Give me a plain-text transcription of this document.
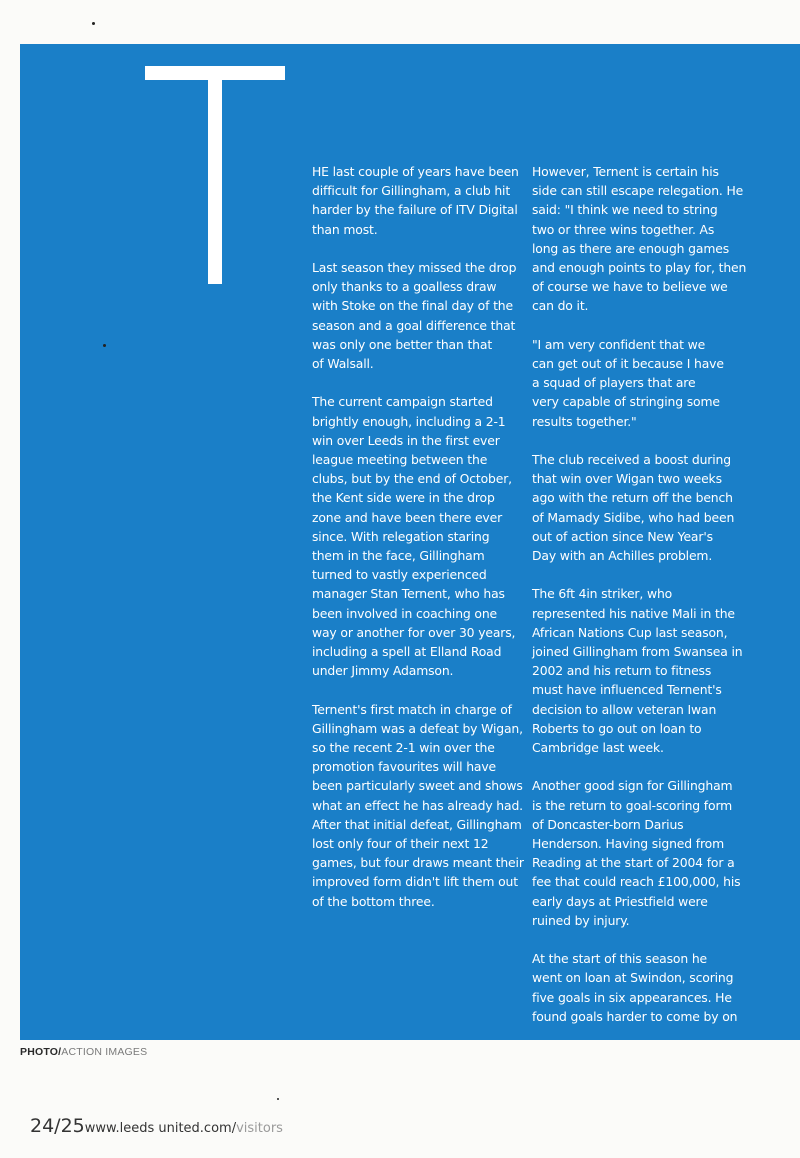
HE last couple of years have been
difficult for Gillingham, a club hit
harder by the failure of ITV Digital
than most.

Last season they missed the drop
only thanks to a goalless draw
with Stoke on the final day of the
season and a goal difference that
was only one better than that
of Walsall.

The current campaign started
brightly enough, including a 2-1
win over Leeds in the first ever
league meeting between the
clubs, but by the end of October,
the Kent side were in the drop
zone and have been there ever
since. With relegation staring
them in the face, Gillingham
turned to vastly experienced
manager Stan Ternent, who has
been involved in coaching one
way or another for over 30 years,
including a spell at Elland Road
under Jimmy Adamson.

Ternent's first match in charge of
Gillingham was a defeat by Wigan,
so the recent 2-1 win over the
promotion favourites will have
been particularly sweet and shows
what an effect he has already had.
After that initial defeat, Gillingham
lost only four of their next 12
games, but four draws meant their
improved form didn't lift them out
of the bottom three.

However, Ternent is certain his
side can still escape relegation. He
said: "I think we need to string
two or three wins together. As
long as there are enough games
and enough points to play for, then
of course we have to believe we
can do it.

"I am very confident that we
can get out of it because I have
a squad of players that are
very capable of stringing some
results together."

The club received a boost during
that win over Wigan two weeks
ago with the return off the bench
of Mamady Sidibe, who had been
out of action since New Year's
Day with an Achilles problem.

The 6ft 4in striker, who
represented his native Mali in the
African Nations Cup last season,
joined Gillingham from Swansea in
2002 and his return to fitness
must have influenced Ternent's
decision to allow veteran Iwan
Roberts to go out on loan to
Cambridge last week.

Another good sign for Gillingham
is the return to goal-scoring form
of Doncaster-born Darius
Henderson. Having signed from
Reading at the start of 2004 for a
fee that could reach £100,000, his
early days at Priestfield were
ruined by injury.

At the start of this season he
went on loan at Swindon, scoring
five goals in six appearances. He
found goals harder to come by on

PHOTO/ACTION IMAGES
24/25www.leeds united.com/visitors
